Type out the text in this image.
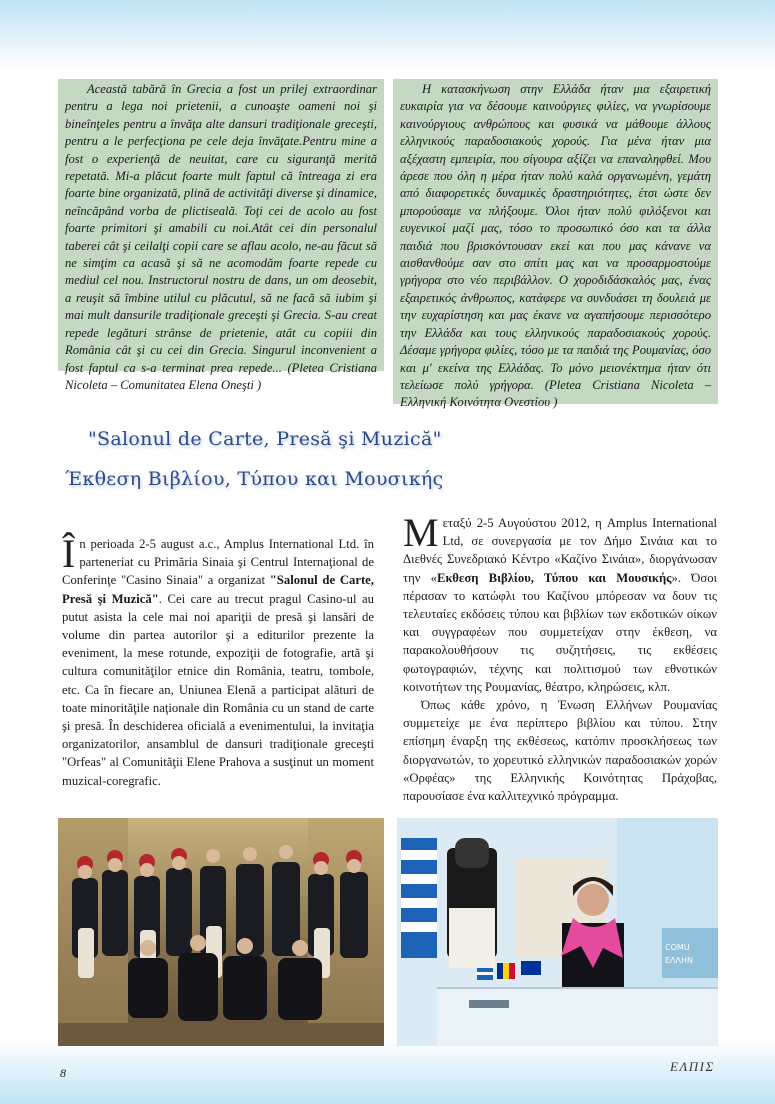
Această tabără în Grecia a fost un prilej extraordinar pentru a lega noi prietenii, a cunoaşte oameni noi şi bineînţeles pentru a învăţa alte dansuri tradiţionale greceşti, pentru a le perfecţiona pe cele deja învăţate.Pentru mine a fost o experienţă de neuitat, care cu siguranţă merită repetată. Mi-a plăcut foarte mult faptul că întreaga zi era foarte bine organizată, plină de activităţi diverse şi dinamice, neîncăpând vorba de plictiseală. Toţi cei de acolo au fost foarte primitori şi amabili cu noi.Atât cei din personalul taberei cât şi ceilalţi copii care se aflau acolo, ne-au făcut să ne simţim ca acasă şi să ne acomodăm foarte repede cu mediul cel nou. Instructorul nostru de dans, un om deosebit, a reuşit să îmbine utilul cu plăcutul, să ne facă să iubim şi mai mult dansurile tradiţionale greceşti şi Grecia. S-au creat repede legături strânse de prietenie, atât cu copiii din România cât şi cu cei din Grecia. Singurul inconvenient a fost faptul ca s-a terminat prea repede... (Pletea Cristiana Nicoleta – Comunitatea Elena Oneşti )

Η κατασκήνωση στην Ελλάδα ήταν μια εξαιρετική ευκαιρία για να δέσουμε καινούργιες φιλίες, να γνωρίσουμε καινούργιους ανθρώπους και φυσικά να μάθουμε άλλους ελληνικούς παραδοσιακούς χορούς. Για μένα ήταν μια αξέχαστη εμπειρία, που σίγουρα αξίζει να επαναληφθεί. Μου άρεσε που όλη η μέρα ήταν πολύ καλά οργανωμένη, γεμάτη από διαφορετικές δυναμικές δραστηριότητες, έτσι ώστε δεν μπορούσαμε να πλήξουμε. Όλοι ήταν πολύ φιλόξενοι και ευγενικοί μαζί μας, τόσο το προσωπικό όσο και τα άλλα παιδιά που βρισκόντουσαν εκεί και που μας κάνανε να αισθανθούμε σαν στο σπίτι μας και να προσαρμοστούμε γρήγορα στο νέο περιβάλλον. Ο χοροδιδάσκαλός μας, ένας εξαιρετικός άνθρωπος, κατάφερε να συνδυάσει τη δουλειά με την ευχαρίστηση και μας έκανε να αγαπήσουμε περισσότερο την Ελλάδα και τους ελληνικούς παραδοσιακούς χορούς. Δέσαμε γρήγορα φιλίες, τόσο με τα παιδιά της Ρουμανίας, όσο και μ' εκείνα της Ελλάδας. Το μόνο μειονέκτημα ήταν ότι τελείωσε πολύ γρήγορα. (Pletea Cristiana Nicoleta – Ελληνική Κοινότητα Ονεστίου )

"Salonul de Carte, Presă şi Muzică"
Έκθεση Βιβλίου, Τύπου και Μουσικής

În perioada 2-5 august a.c., Amplus International Ltd. în parteneriat cu Primăria Sinaia şi Centrul Internaţional de Conferinţe "Casino Sinaia" a organizat "Salonul de Carte, Presă şi Muzică". Cei care au trecut pragul Casino-ul au putut asista la cele mai noi apariţii de presă şi lansări de volume din partea autorilor şi a editurilor prezente la eveniment, la mese rotunde, expoziţii de fotografie, artă şi cultura comunităţilor etnice din România, teatru, tombole, etc. Ca în fiecare an, Uniunea Elenă a participat alături de toate minorităţile naţionale din România cu un stand de carte şi presă. În deschiderea oficială a evenimentului, la invitaţia organizatorilor, ansamblul de dansuri tradiţionale greceşti "Orfeas" al Comunităţii Elene Prahova a susţinut un moment muzical-coregrafic.

Μεταξύ 2-5 Αυγούστου 2012, η Amplus International Ltd, σε συνεργασία με τον Δήμο Σινάια και το Διεθνές Συνεδριακό Κέντρο «Καζίνο Σινάια», διοργάνωσαν την «Εκθεση Βιβλίου, Τύπου και Μουσικής». Όσοι πέρασαν το κατώφλι του Καζίνου μπόρεσαν να δουν τις τελευταίες εκδόσεις τύπου και βιβλίων των εκδοτικών οίκων και συγγραφέων που συμμετείχαν στην έκθεση, να παρακολουθήσουν τις συζητήσεις, τις εκθέσεις φωτογραφιών, τέχνης και πολιτισμού των εθνοτικών κοινοτήτων της Ρουμανίας, θέατρο, κληρώσεις, κλπ.

Όπως κάθε χρόνο, η Ένωση Ελλήνων Ρουμανίας συμμετείχε με ένα περίπτερο βιβλίου και τύπου. Στην επίσημη έναρξη της εκθέσεως, κατόπιν προσκλήσεως των διοργανωτών, το χορευτικό ελληνικών παραδοσιακών χορών «Ορφέας» της Ελληνικής Κοινότητας Πράχοβας, παρουσίασε ένα καλλιτεχνικό πρόγραμμα.

COMU
ΕΛΛΗΝ
8	ΕΛΠΙΣ
